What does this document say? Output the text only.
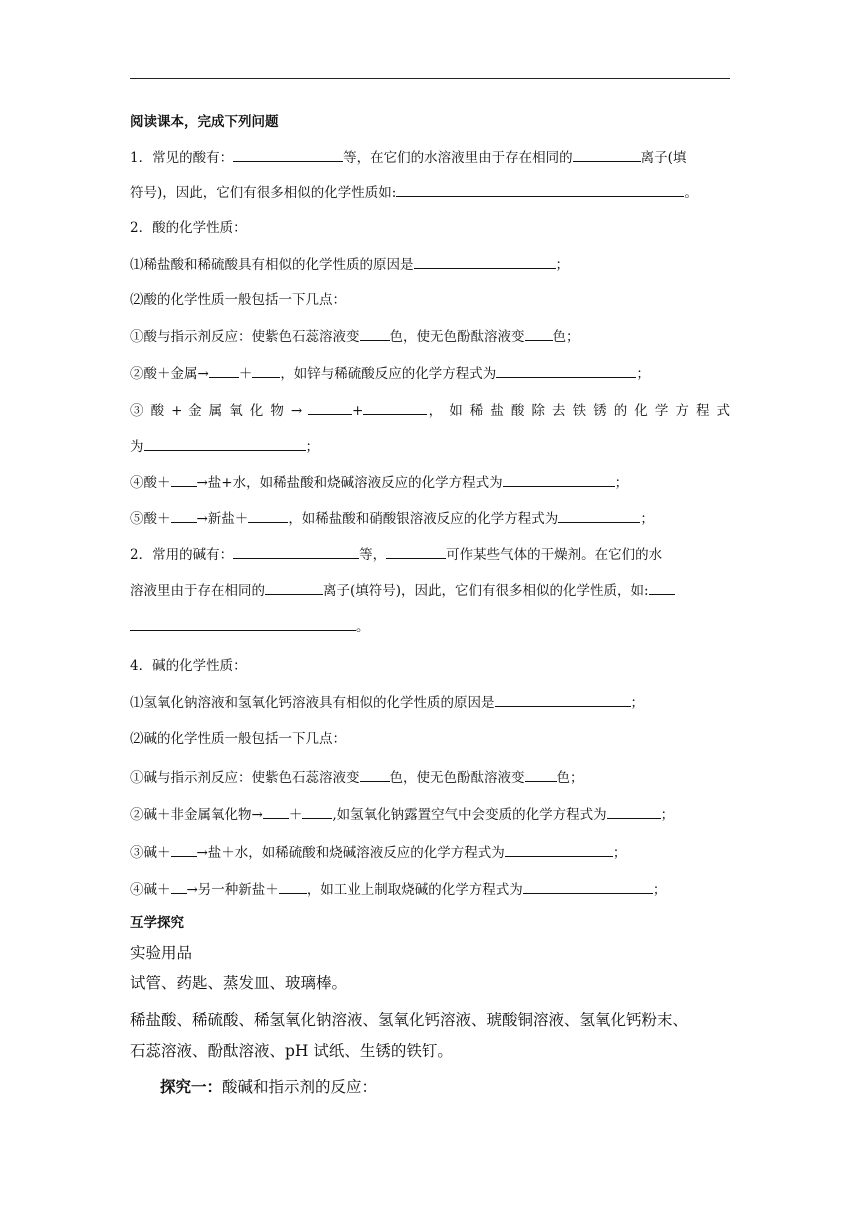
阅读课本，完成下列问题
1．常见的酸有：	等，在它们的水溶液里由于存在相同的	离子(填
符号)，因此，它们有很多相似的化学性质如:	。
2．酸的化学性质：
⑴稀盐酸和稀硫酸具有相似的化学性质的原因是	；
⑵酸的化学性质一般包括一下几点：
①酸与指示剂反应：使紫色石蕊溶液变 色，使无色酚酞溶液变 色；
②酸＋金属→ ＋ ，如锌与稀硫酸反应的化学方程式为	；
③ 酸 + 金 属 氧 化 物 →	+	， 如 稀 盐 酸 除 去 铁 锈 的 化 学 方 程 式
为	；
④酸＋ →盐+水，如稀盐酸和烧碱溶液反应的化学方程式为	；
⑤酸＋ →新盐＋	，如稀盐酸和硝酸银溶液反应的化学方程式为	；
2．常用的碱有：	等，	可作某些气体的干燥剂。在它们的水
溶液里由于存在相同的	离子(填符号)，因此，它们有很多相似的化学性质，如:
。
4．碱的化学性质：
⑴氢氧化钠溶液和氢氧化钙溶液具有相似的化学性质的原因是	；
⑵碱的化学性质一般包括一下几点：
①碱与指示剂反应：使紫色石蕊溶液变 色，使无色酚酞溶液变 色；
②碱＋非金属氧化物→ ＋ ,如氢氧化钠露置空气中会变质的化学方程式为	；
③碱＋ →盐＋水，如稀硫酸和烧碱溶液反应的化学方程式为	；
④碱＋ →另一种新盐＋ ，如工业上制取烧碱的化学方程式为	；
互学探究
实验用品
试管、药匙、蒸发皿、玻璃棒。
稀盐酸、稀硫酸、稀氢氧化钠溶液、氢氧化钙溶液、琥酸铜溶液、氢氧化钙粉末、
石蕊溶液、酚酞溶液、pH 试纸、生锈的铁钉。
探究一：酸碱和指示剂的反应：
